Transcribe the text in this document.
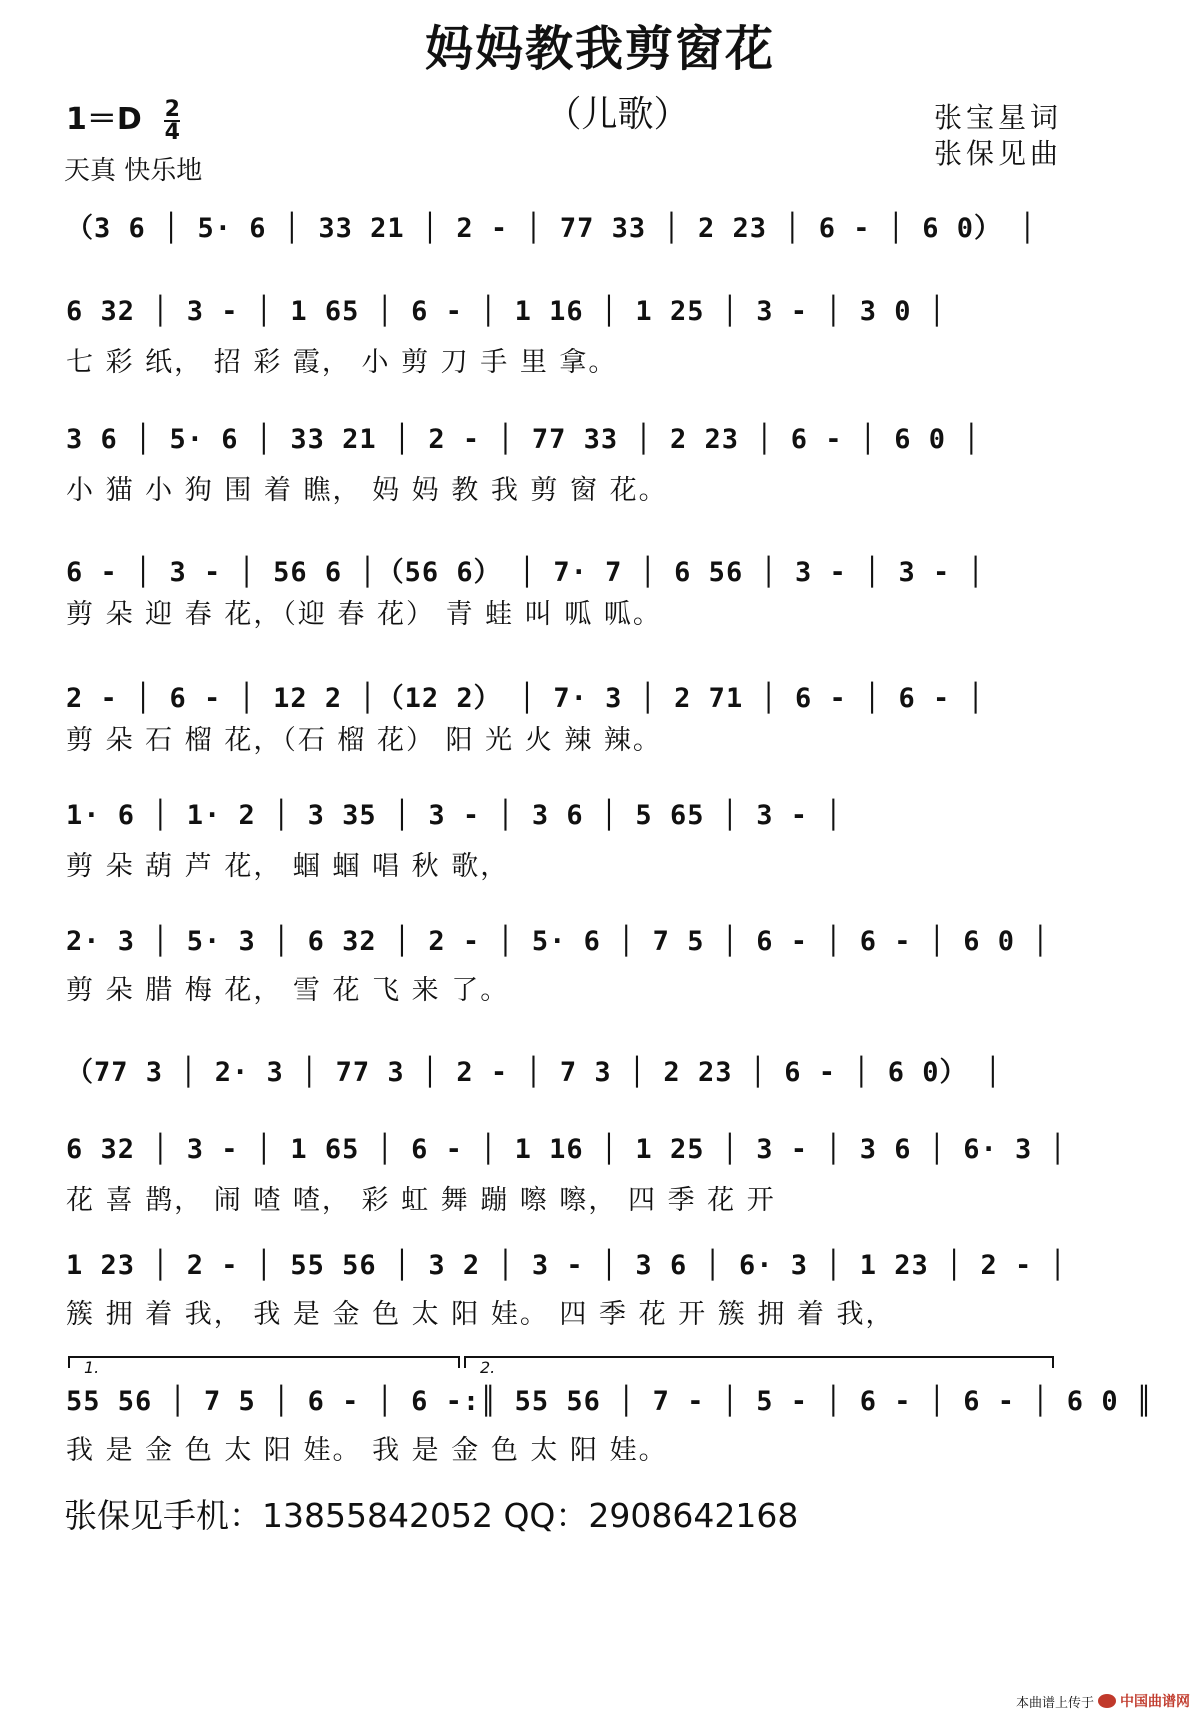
妈妈教我剪窗花
（儿歌）
$1=D \frac{2}{4}$
天真 快乐地
张宝星词
张保见曲
（3 6 │ 5· 6 │ 33 21 │ 2 - │ 77 33 │ 2 23 │ 6 - │ 6 0） │
6 32 │ 3 - │ 1 65 │ 6 - │ 1 16 │ 1 25 │ 3 - │ 3 0 │
七 彩 纸， 招 彩 霞， 小 剪 刀 手 里 拿。
3 6 │ 5· 6 │ 33 21 │ 2 - │ 77 33 │ 2 23 │ 6 - │ 6 0 │
小 猫 小 狗 围 着 瞧， 妈 妈 教 我 剪 窗 花。
6 - │ 3 - │ 56 6 │（56 6） │ 7· 7 │ 6 56 │ 3 - │ 3 - │
剪 朵 迎 春 花，（迎 春 花） 青 蛙 叫 呱 呱。
2 - │ 6 - │ 12 2 │（12 2） │ 7· 3 │ 2 71 │ 6 - │ 6 - │
剪 朵 石 榴 花，（石 榴 花） 阳 光 火 辣 辣。
1· 6 │ 1· 2 │ 3 35 │ 3 - │ 3 6 │ 5 65 │ 3 - │
剪 朵 葫 芦 花， 蝈 蝈 唱 秋 歌，
2· 3 │ 5· 3 │ 6 32 │ 2 - │ 5· 6 │ 7 5 │ 6 - │ 6 - │ 6 0 │
剪 朵 腊 梅 花， 雪 花 飞 来 了。
（77 3 │ 2· 3 │ 77 3 │ 2 - │ 7 3 │ 2 23 │ 6 - │ 6 0） │
6 32 │ 3 - │ 1 65 │ 6 - │ 1 16 │ 1 25 │ 3 - │ 3 6 │ 6· 3 │
花 喜 鹊， 闹 喳 喳， 彩 虹 舞 蹦 嚓 嚓， 四 季 花 开
1 23 │ 2 - │ 55 56 │ 3 2 │ 3 - │ 3 6 │ 6· 3 │ 1 23 │ 2 - │
簇 拥 着 我， 我 是 金 色 太 阳 娃。 四 季 花 开 簇 拥 着 我，
1.	2.
55 56 │ 7 5 │ 6 - │ 6 -:║ 55 56 │ 7 - │ 5 - │ 6 - │ 6 - │ 6 0 ║
我 是 金 色 太 阳 娃。 我 是 金 色 太 阳 娃。
张保见手机：13855842052 QQ：2908642168
本曲谱上传于 中国曲谱网
